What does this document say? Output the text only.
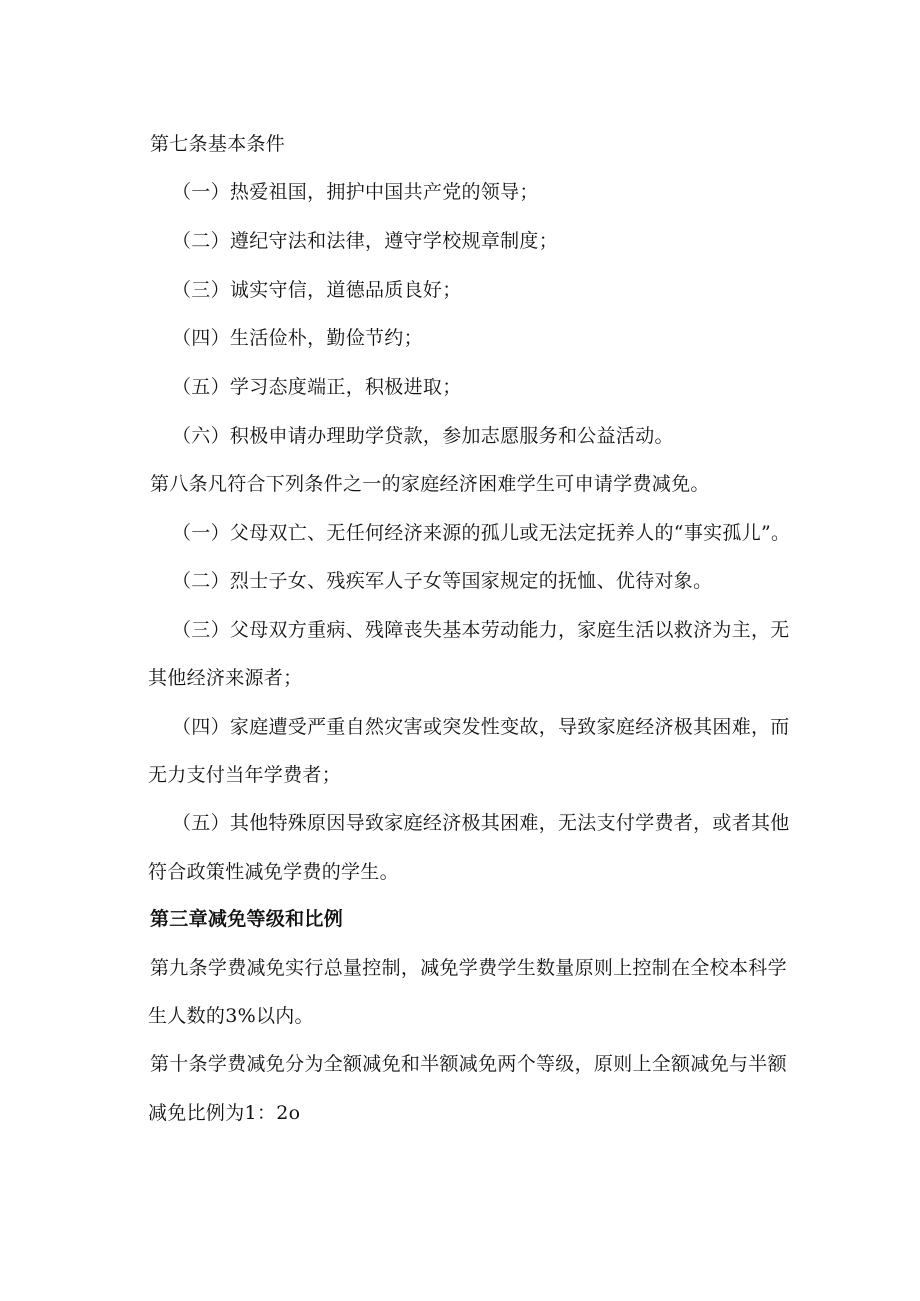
第七条基本条件
（一）热爱祖国，拥护中国共产党的领导；
（二）遵纪守法和法律，遵守学校规章制度；
（三）诚实守信，道德品质良好；
（四）生活俭朴，勤俭节约；
（五）学习态度端正，积极进取；
（六）积极申请办理助学贷款，参加志愿服务和公益活动。
第八条凡符合下列条件之一的家庭经济困难学生可申请学费减免。
（一）父母双亡、无任何经济来源的孤儿或无法定抚养人的“事实孤儿”。
（二）烈士子女、残疾军人子女等国家规定的抚恤、优待对象。
（三）父母双方重病、残障丧失基本劳动能力，家庭生活以救济为主，无
其他经济来源者；
（四）家庭遭受严重自然灾害或突发性变故，导致家庭经济极其困难，而
无力支付当年学费者；
（五）其他特殊原因导致家庭经济极其困难，无法支付学费者，或者其他
符合政策性减免学费的学生。
第三章减免等级和比例
第九条学费减免实行总量控制，减免学费学生数量原则上控制在全校本科学
生人数的3%以内。
第十条学费减免分为全额减免和半额减免两个等级，原则上全额减免与半额
减免比例为1：2o
